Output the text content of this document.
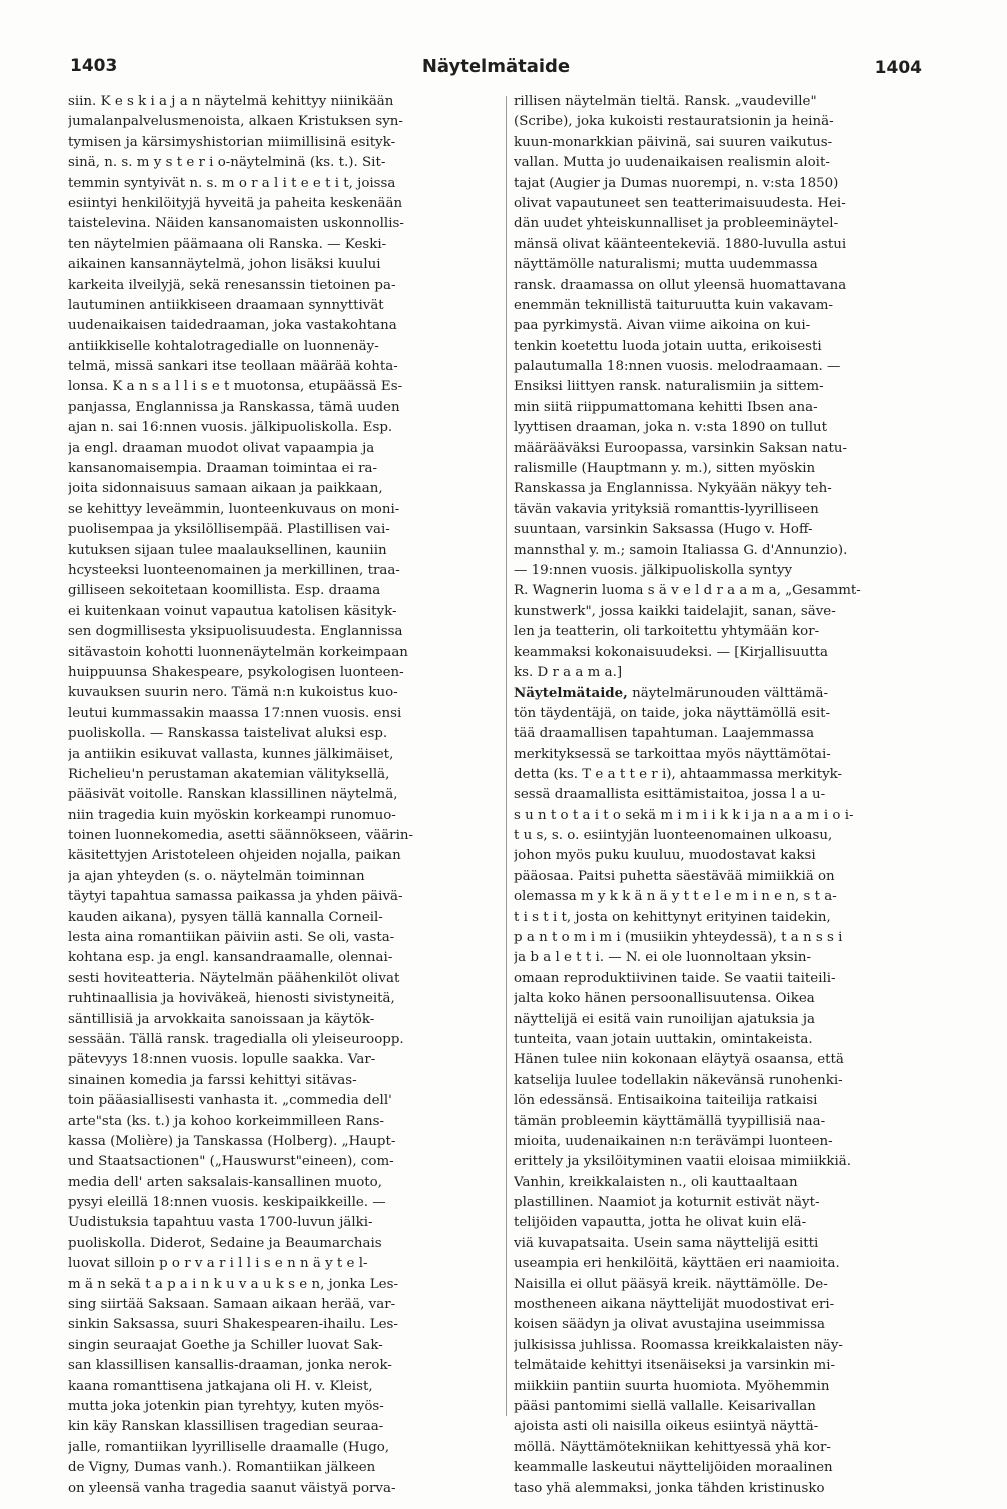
1403	Näytelmätaide	1404
siin. K e s k i a j a n näytelmä kehittyy niinikään
jumalanpalvelusmenoista, alkaen Kristuksen syn-
tymisen ja kärsimyshistorian miimillisinä esityk-
sinä, n. s. m y s t e r i o-näytelminä (ks. t.). Sit-
temmin syntyivät n. s. m o r a l i t e e t i t, joissa
esiintyi henkilöityjä hyveitä ja paheita keskenään
taistelevina. Näiden kansanomaisten uskonnollis-
ten näytelmien päämaana oli Ranska. — Keski-
aikainen kansannäytelmä, johon lisäksi kuului
karkeita ilveilyjä, sekä renesanssin tietoinen pa-
lautuminen antiikkiseen draamaan synnyttivät
uudenaikaisen taidedraaman, joka vastakohtana
antiikkiselle kohtalotragedialle on luonnenäy-
telmä, missä sankari itse teollaan määrää kohta-
lonsa. K a n s a l l i s e t muotonsa, etupäässä Es-
panjassa, Englannissa ja Ranskassa, tämä uuden
ajan n. sai 16:nnen vuosis. jälkipuoliskolla. Esp.
ja engl. draaman muodot olivat vapaampia ja
kansanomaisempia. Draaman toimintaa ei ra-
joita sidonnaisuus samaan aikaan ja paikkaan,
se kehittyy leveämmin, luonteenkuvaus on moni-
puolisempaa ja yksilöllisempää. Plastillisen vai-
kutuksen sijaan tulee maalauksellinen, kauniin
hcysteeksi luonteenomainen ja merkillinen, traa-
gilliseen sekoitetaan koomillista. Esp. draama
ei kuitenkaan voinut vapautua katolisen käsityk-
sen dogmillisesta yksipuolisuudesta. Englannissa
sitävastoin kohotti luonnenäytelmän korkeimpaan
huippuunsa Shakespeare, psykologisen luonteen-
kuvauksen suurin nero. Tämä n:n kukoistus kuo-
leutui kummassakin maassa 17:nnen vuosis. ensi
puoliskolla. — Ranskassa taistelivat aluksi esp.
ja antiikin esikuvat vallasta, kunnes jälkimäiset,
Richelieu'n perustaman akatemian välityksellä,
pääsivät voitolle. Ranskan klassillinen näytelmä,
niin tragedia kuin myöskin korkeampi runomuo-
toinen luonnekomedia, asetti säännökseen, väärin-
käsitettyjen Aristoteleen ohjeiden nojalla, paikan
ja ajan yhteyden (s. o. näytelmän toiminnan
täytyi tapahtua samassa paikassa ja yhden päivä-
kauden aikana), pysyen tällä kannalla Corneil-
lesta aina romantiikan päiviin asti. Se oli, vasta-
kohtana esp. ja engl. kansandraamalle, olennai-
sesti hoviteatteria. Näytelmän päähenkilöt olivat
ruhtinaallisia ja hoviväkeä, hienosti sivistyneitä,
säntillisiä ja arvokkaita sanoissaan ja käytök-
sessään. Tällä ransk. tragedialla oli yleiseuroopp.
pätevyys 18:nnen vuosis. lopulle saakka. Var-
sinainen komedia ja farssi kehittyi sitävas-
toin pääasiallisesti vanhasta it. „commedia dell'
arte"sta (ks. t.) ja kohoo korkeimmilleen Rans-
kassa (Molière) ja Tanskassa (Holberg). „Haupt-
und Staatsactionen" („Hauswurst"eineen), com-
media dell' arten saksalais-kansallinen muoto,
pysyi eleillä 18:nnen vuosis. keskipaikkeille. —
Uudistuksia tapahtuu vasta 1700-luvun jälki-
puoliskolla. Diderot, Sedaine ja Beaumarchais
luovat silloin p o r v a r i l l i s e n n ä y t e l-
m ä n sekä t a p a i n k u v a u k s e n, jonka Les-
sing siirtää Saksaan. Samaan aikaan herää, var-
sinkin Saksassa, suuri Shakespearen-ihailu. Les-
singin seuraajat Goethe ja Schiller luovat Sak-
san klassillisen kansallis-draaman, jonka nerok-
kaana romanttisena jatkajana oli H. v. Kleist,
mutta joka jotenkin pian tyrehtyy, kuten myös-
kin käy Ranskan klassillisen tragedian seuraa-
jalle, romantiikan lyyrilliselle draamalle (Hugo,
de Vigny, Dumas vanh.). Romantiikan jälkeen
on yleensä vanha tragedia saanut väistyä porva-
rillisen näytelmän tieltä. Ransk. „vaudeville"
(Scribe), joka kukoisti restauratsionin ja heinä-
kuun-monarkkian päivinä, sai suuren vaikutus-
vallan. Mutta jo uudenaikaisen realismin aloit-
tajat (Augier ja Dumas nuorempi, n. v:sta 1850)
olivat vapautuneet sen teatterimaisuudesta. Hei-
dän uudet yhteiskunnalliset ja probleeminäytel-
mänsä olivat käänteentekeviä. 1880-luvulla astui
näyttämölle naturalismi; mutta uudemmassa
ransk. draamassa on ollut yleensä huomattavana
enemmän teknillistä taituruutta kuin vakavam-
paa pyrkimystä. Aivan viime aikoina on kui-
tenkin koetettu luoda jotain uutta, erikoisesti
palautumalla 18:nnen vuosis. melodraamaan. —
Ensiksi liittyen ransk. naturalismiin ja sittem-
min siitä riippumattomana kehitti Ibsen ana-
lyyttisen draaman, joka n. v:sta 1890 on tullut
määrääväksi Euroopassa, varsinkin Saksan natu-
ralismille (Hauptmann y. m.), sitten myöskin
Ranskassa ja Englannissa. Nykyään näkyy teh-
tävän vakavia yrityksiä romanttis-lyyrilliseen
suuntaan, varsinkin Saksassa (Hugo v. Hoff-
mannsthal y. m.; samoin Italiassa G. d'Annunzio).
— 19:nnen vuosis. jälkipuoliskolla syntyy
R. Wagnerin luoma s ä v e l d r a a m a, „Gesammt-
kunstwerk", jossa kaikki taidelajit, sanan, säve-
len ja teatterin, oli tarkoitettu yhtymään kor-
keammaksi kokonaisuudeksi. — [Kirjallisuutta
ks. D r a a m a.]
Näytelmätaide, näytelmärunouden välttämä-
tön täydentäjä, on taide, joka näyttämöllä esit-
tää draamallisen tapahtuman. Laajemmassa
merkityksessä se tarkoittaa myös näyttämötai-
detta (ks. T e a t t e r i), ahtaammassa merkityk-
sessä draamallista esittämistaitoa, jossa l a u-
s u n t o t a i t o sekä m i m i i k k i ja n a a m i o i-
t u s, s. o. esiintyjän luonteenomainen ulkoasu,
johon myös puku kuuluu, muodostavat kaksi
pääosaa. Paitsi puhetta säestävää mimiikkiä on
olemassa m y k k ä n ä y t t e l e m i n e n, s t a-
t i s t i t, josta on kehittynyt erityinen taidekin,
p a n t o m i m i (musiikin yhteydessä), t a n s s i
ja b a l e t t i. — N. ei ole luonnoltaan yksin-
omaan reproduktiivinen taide. Se vaatii taiteili-
jalta koko hänen persoonallisuutensa. Oikea
näyttelijä ei esitä vain runoilijan ajatuksia ja
tunteita, vaan jotain uuttakin, omintakeista.
Hänen tulee niin kokonaan eläytyä osaansa, että
katselija luulee todellakin näkevänsä runohenki-
lön edessänsä. Entisaikoina taiteilija ratkaisi
tämän probleemin käyttämällä tyypillisiä naa-
mioita, uudenaikainen n:n terävämpi luonteen-
erittely ja yksilöityminen vaatii eloisaa mimiikkiä.
Vanhin, kreikkalaisten n., oli kauttaaltaan
plastillinen. Naamiot ja koturnit estivät näyt-
telijöiden vapautta, jotta he olivat kuin elä-
viä kuvapatsaita. Usein sama näyttelijä esitti
useampia eri henkilöitä, käyttäen eri naamioita.
Naisilla ei ollut pääsyä kreik. näyttämölle. De-
mostheneen aikana näyttelijät muodostivat eri-
koisen säädyn ja olivat avustajina useimmissa
julkisissa juhlissa. Roomassa kreikkalaisten näy-
telmätaide kehittyi itsenäiseksi ja varsinkin mi-
miikkiin pantiin suurta huomiota. Myöhemmin
pääsi pantomimi siellä vallalle. Keisarivallan
ajoista asti oli naisilla oikeus esiintyä näyttä-
möllä. Näyttämötekniikan kehittyessä yhä kor-
keammalle laskeutui näyttelijöiden moraalinen
taso yhä alemmaksi, jonka tähden kristinusko
